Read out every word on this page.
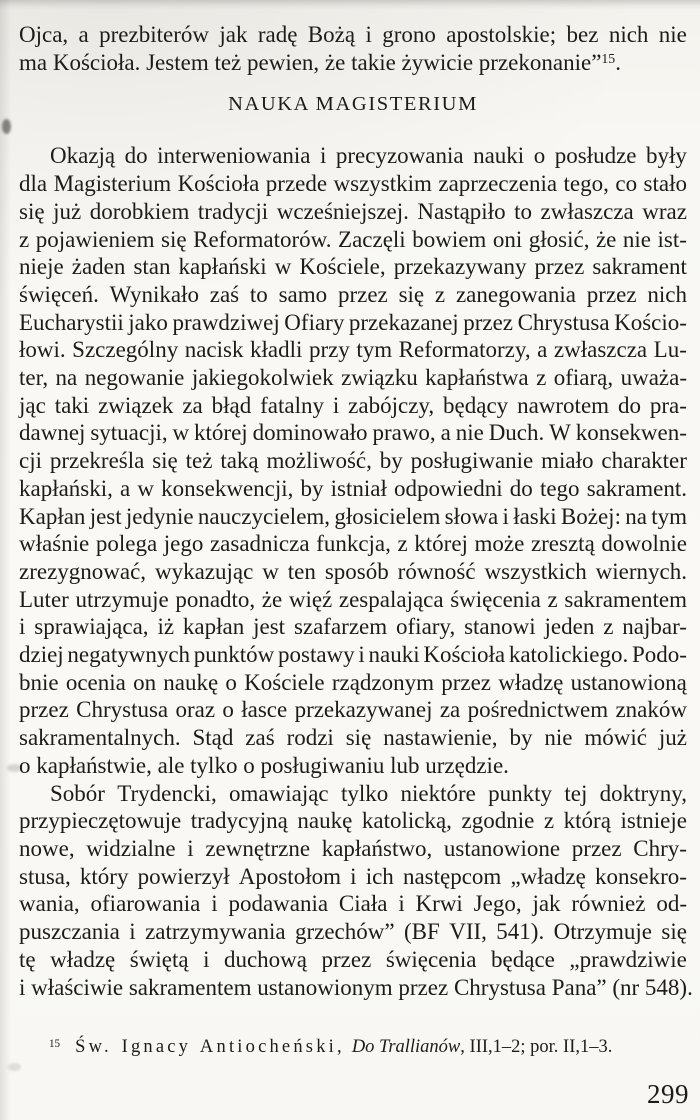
Ojca, a prezbiterów jak radę Bożą i grono apostolskie; bez nich nie
ma Kościoła. Jestem też pewien, że takie żywicie przekonanie”$^{15}$.
NAUKA MAGISTERIUM
Okazją do interweniowania i precyzowania nauki o posłudze były
dla Magisterium Kościoła przede wszystkim zaprzeczenia tego, co stało
się już dorobkiem tradycji wcześniejszej. Nastąpiło to zwłaszcza wraz
z pojawieniem się Reformatorów. Zaczęli bowiem oni głosić, że nie ist-
nieje żaden stan kapłański w Kościele, przekazywany przez sakrament
święceń. Wynikało zaś to samo przez się z zanegowania przez nich
Eucharystii jako prawdziwej Ofiary przekazanej przez Chrystusa Kościo-
łowi. Szczególny nacisk kładli przy tym Reformatorzy, a zwłaszcza Lu-
ter, na negowanie jakiegokolwiek związku kapłaństwa z ofiarą, uważa-
jąc taki związek za błąd fatalny i zabójczy, będący nawrotem do pra-
dawnej sytuacji, w której dominowało prawo, a nie Duch. W konsekwen-
cji przekreśla się też taką możliwość, by posługiwanie miało charakter
kapłański, a w konsekwencji, by istniał odpowiedni do tego sakrament.
Kapłan jest jedynie nauczycielem, głosicielem słowa i łaski Bożej: na tym
właśnie polega jego zasadnicza funkcja, z której może zresztą dowolnie
zrezygnować, wykazując w ten sposób równość wszystkich wiernych.
Luter utrzymuje ponadto, że więź zespalająca święcenia z sakramentem
i sprawiająca, iż kapłan jest szafarzem ofiary, stanowi jeden z najbar-
dziej negatywnych punktów postawy i nauki Kościoła katolickiego. Podo-
bnie ocenia on naukę o Kościele rządzonym przez władzę ustanowioną
przez Chrystusa oraz o łasce przekazywanej za pośrednictwem znaków
sakramentalnych. Stąd zaś rodzi się nastawienie, by nie mówić już
o kapłaństwie, ale tylko o posługiwaniu lub urzędzie.
Sobór Trydencki, omawiając tylko niektóre punkty tej doktryny,
przypieczętowuje tradycyjną naukę katolicką, zgodnie z którą istnieje
nowe, widzialne i zewnętrzne kapłaństwo, ustanowione przez Chry-
stusa, który powierzył Apostołom i ich następcom „władzę konsekro-
wania, ofiarowania i podawania Ciała i Krwi Jego, jak również od-
puszczania i zatrzymywania grzechów” (BF VII, 541). Otrzymuje się
tę władzę świętą i duchową przez święcenia będące „prawdziwie
i właściwie sakramentem ustanowionym przez Chrystusa Pana” (nr 548).
$^{15}$ Św. Ignacy Antiocheński, Do Trallianów, III,1–2; por. II,1–3.
299
